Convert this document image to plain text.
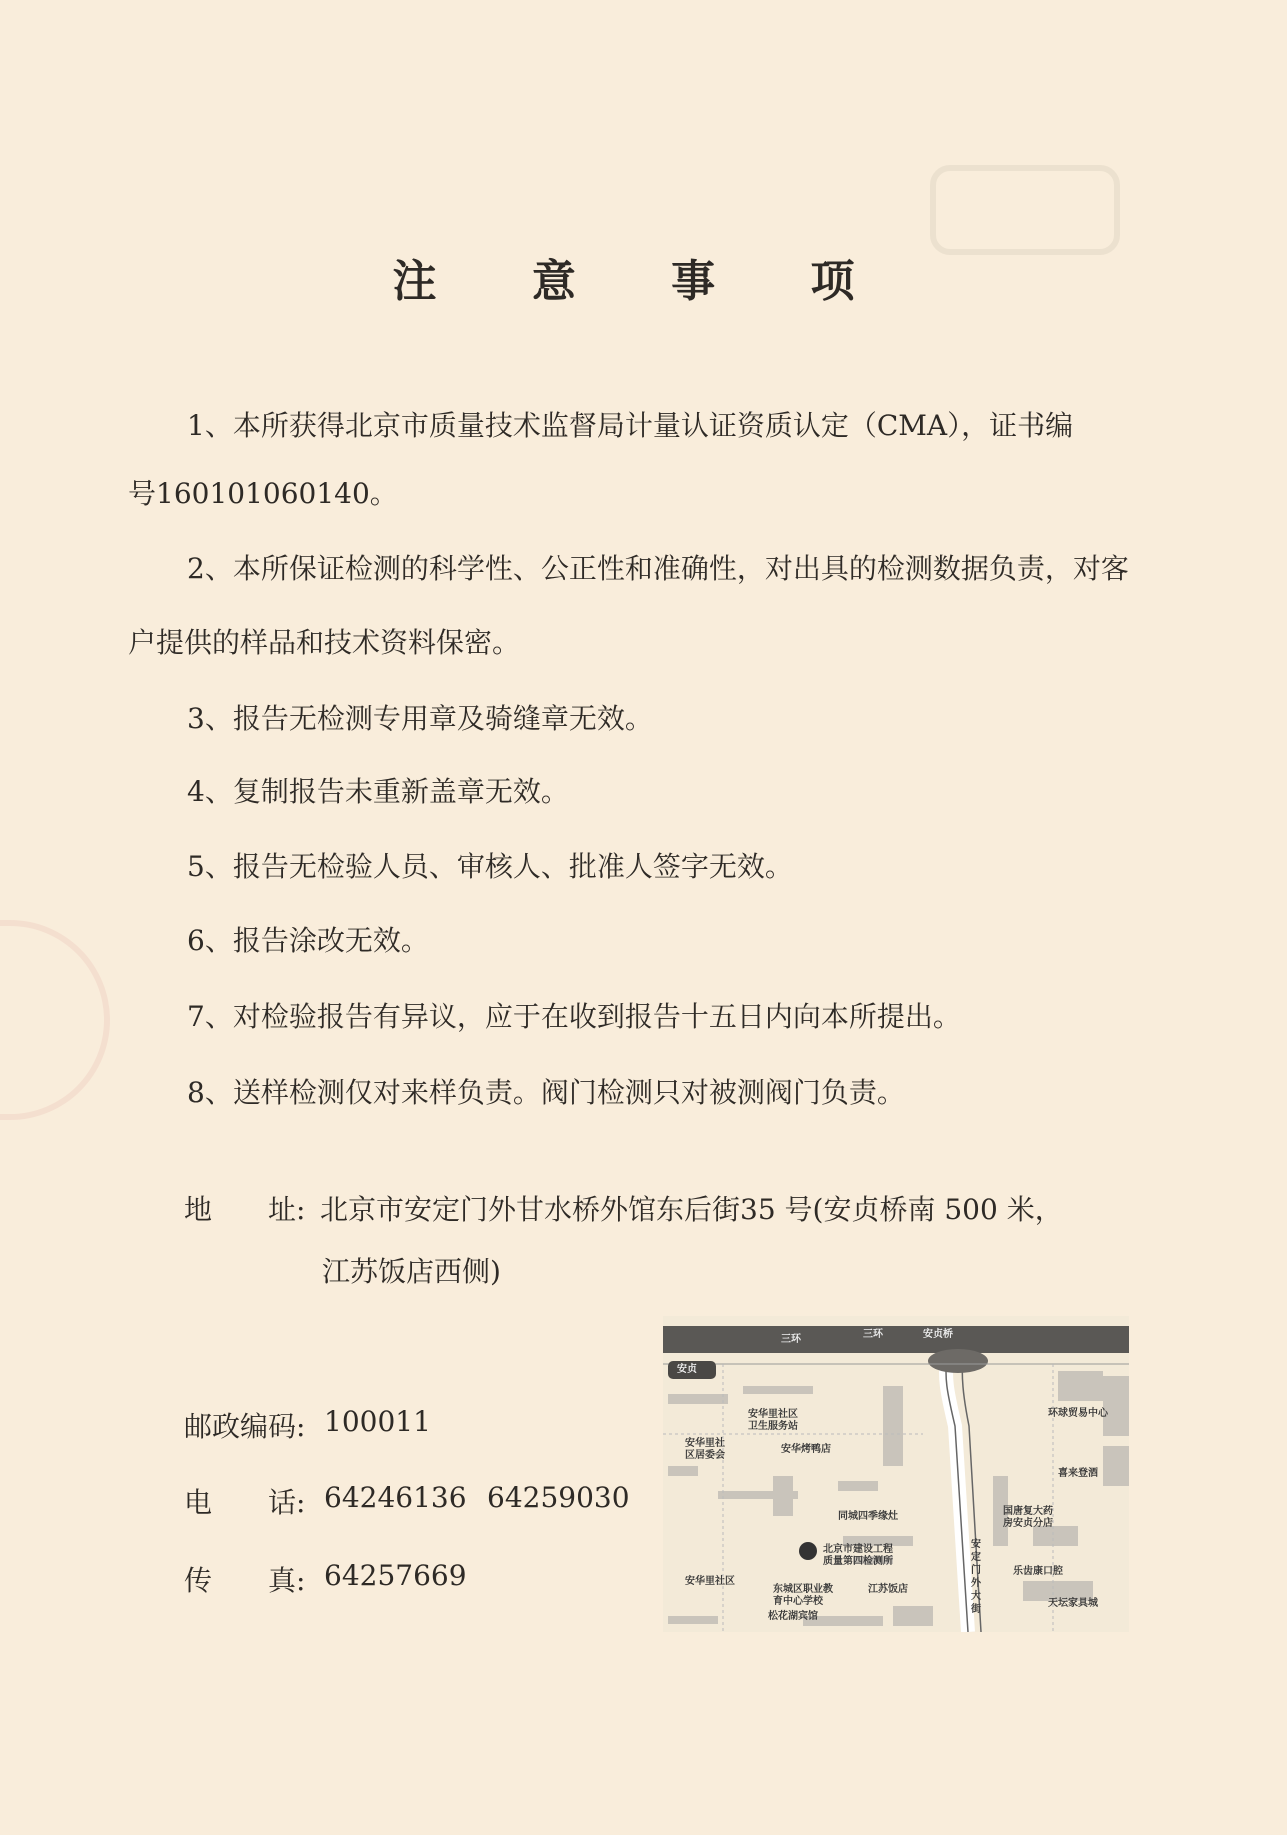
注 意 事 项
1、本所获得北京市质量技术监督局计量认证资质认定（CMA），证书编
号160101060140。
2、本所保证检测的科学性、公正性和准确性，对出具的检测数据负责，对客
户提供的样品和技术资料保密。
3、报告无检测专用章及骑缝章无效。
4、复制报告未重新盖章无效。
5、报告无检验人员、审核人、批准人签字无效。
6、报告涂改无效。
7、对检验报告有异议，应于在收到报告十五日内向本所提出。
8、送样检测仅对来样负责。阀门检测只对被测阀门负责。
地　　址: 北京市安定门外甘水桥外馆东后街35 号(安贞桥南 500 米，
江苏饭店西侧)
邮政编码: 100011
电　　话: 64246136 64259030
传　　真: 64257669
三环	三环	安贞桥
安贞
安华里社区
卫生服务站
安华里社
区居委会
安华烤鸭店
环球贸易中心
喜来登酒
同城四季缘灶	国唐复大药
房安贞分店
北京市建设工程
质量第四检测所
安华里社区
东城区职业教
育中心学校
江苏饭店
松花湖宾馆
乐齿康口腔
天坛家具城
安定门外大街
